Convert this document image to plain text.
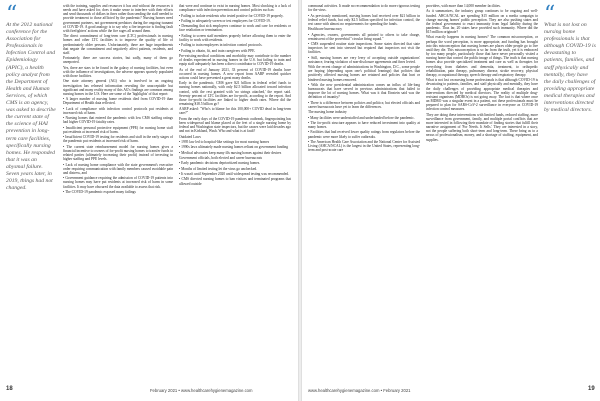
“
At the 2012 national conference for the Association for Professionals in Infection Control and Epidemiology (APIC), a health policy analyst from the Department of Health and Human Services, of which CMS is an agency, was asked to describe the current state of the science of HAI prevention in long-term care facilities, specifically nursing homes. He responded that it was an abysmal failure. Seven years later, in 2019, things had not changed.

with the training, supplies and resources it has and without the resources it needs and have asked for, does it make sense to interfere with their efforts and send thousands of dollars in fines rather than sending the staff needed to provide treatment to those afflicted by the pandemic? Nursing homes need government partners, not government predators during the ongoing tsunami of COVID-19. A good analogy is to say why a fire inspector is finding fault with firefighters' actions while the fire rages all around them.

The direct commitment of long-term care (LTC) professionals in nursing homes and other LTC facilities is to improve the quality of life of predominately older persons. Unfortunately, there are huge impediments that negate the commitment and negatively affect patients, residents, and staff.

Fortunately, there are success stories, but sadly, many of them go unreported.

Yes, there are stars to be found in the galaxy of nursing facilities, but even with the influence of investigations, the adverse appears sparsely populated with those facilities.

One state attorney general (AG) who is involved in an ongoing investigation has released information revealing the unacceptable but significant and many reality many of this AG's findings are common among nursing homes in the U.S. Here are some of the 'highlights' of that report:

• A larger number of nursing home residents died from COVID-19 than Department of Health data reflected.

• Lack of compliance with infection control protocols put residents at increased risk of harm.

• Nursing homes that entered the pandemic with low CMS staffing ratings had higher COVID-19 fatality rates.

• Insufficient personal protective equipment (PPE) for nursing home staff put residents at increased risk of harm.

• Insufficient COVID-19 testing for residents and staff in the early stages of the pandemic put residents at increased risk of harm.

• The current state reimbursement model for nursing homes gives a financial incentive to owners of for-profit nursing homes to transfer funds to related parties (ultimately increasing their profit) instead of investing in higher staffing and PPE levels.

• Lack of nursing home compliance with the state government's executive order requiring communication with family members caused avoidable pain and distress, and

• Government guidance requiring the admission of COVID-19 patients into nursing homes may have put residents at increased risk of harm in some facilities. It may have obscured the data available to assess that risk.

• The COVID-19 pandemic exposed many failings

that were and continue to exist in nursing homes. Most shocking is a lack of compliance with infection prevention and control policies such as:

• Failing to isolate residents who tested positive for COVID-19 properly.

• Failing to adequately screen or test employees for COVID-19.

• Demanding that sick employees continue to work and care for residents or face retaliation or termination.

• Failing to screen staff members properly before allowing them to enter the facility to work with residents.

• Failing to train employees in infection control protocols.

• Failing to obtain, fit, and train caregivers with PPE.

Pre-existing medical conditions and morbidity may contribute to the number of deaths experienced in nursing homes in the U.S. but failing to train and equip staff adequately has been a direct contributor to COVID-19 deaths.

As of the end of January 2021, 33 percent of COVID-19 deaths have occurred in nursing homes. A new report from AARP revealed quicker actions could have prevented a great many deaths.

Early in the pandemic, CMS gave $21 billion in federal relief funds to nursing homes nationally, with only $2.5 billion allocated toward infection control, with the rest granted with 'no strings attached,' the report said. Seventy percent of LTC facilities are for-profit, according to the report. And those for-profit facilities are linked to higher death rates. Where did the remaining $18.5 billion go?

AARP asked: "Who's to blame for this 100,000+ COVID dead in long-term care?"

From the early days of the COVID-19 pandemic outbreak, fingerpointing has been widespread and blame placed at the feet of a single nursing home by federal and Washington state inspectors, but the causes were laid decades ago and not in Kirkland, Wash. Who and what is at fault?

Outdated Laws

• 1995 law led to hospital-like settings for most nursing homes

• 1990s laws ultimately made nursing homes reliant on government funding

• Medical advocates keep many ills nursing homes against their desires

Government officials, both elected and career bureaucrats

• Early pandemic decisions deprioritized nursing homes.

• Months of limited testing let the virus go unchecked.

• It wasn't until September 2020 until widespread testing was recommended.

• CMS directed nursing homes to ban visitors and terminated programs that allowed outside

18	February 2021 • www.healthcarehygienemagazine.com

communal activities. It made no recommendation to do more rigorous testing for the virus.

• As previously mentioned, nursing homes had received over $21 billion in federal relief funds, but only $2.5 billion specified for infection control, the rest came with almost no requirements for spending the funds.

Healthcare bureaucracy

• Agencies, owners, governments all pointed to others to take charge, reminiscent of the proverbial "circular firing squad."

• CMS suspended routine state inspections. Some states directed that state inspectors be sent into stressed but required that inspectors not visit the facilities.

• Still, nursing homes are very leery of accepting outside organizations' assistance, fearing violation of non-disclosure agreements and fines levied.

With the recent change of administrations in Washington, D.C., some people are hoping (depending upon one's political leanings) that policies that positively affected nursing homes are retained and policies that hurt or hindered nursing homes removed.

• With the new presidential administration comes an influx of life-long bureaucrats that have served in previous administrations that failed to improve the lot of nursing homes. What was it that Einstein said was the definition of insanity?

• There is a difference between policies and politics; but elected officials and career bureaucrats have yet to learn the differences.

The nursing home industry

• Many facilities were understaffed and underfunded before the pandemic.

• The for-profit structure appears to have reduced investment into quality at many homes.

• Facilities that had received lower quality ratings from regulators before the pandemic were more likely to suffer outbreaks.

• The American Health Care Association and the National Center for Assisted Living (AHCA/NCAL) is the largest in the United States, representing long-term and post-acute care

providers, with more than 14,000 member facilities.

As it summarizes, the industry group continues to be ongoing and well-funded. AHCA/NCAL are spending $15 million on a media campaign to change nursing homes' public perception. They are also pushing states and the federal government to enact immunity from legal liability during the pandemic. Thus far, 20 states have provided such immunity. Where did the $15 million originate?

What exactly happens in nursing homes? The common misconception, or perhaps the word perception, is more appropriate, and funding has brought into this misconception that nursing homes are places older people go to live until they die. This misconception is so far from the truth, yet it is embraced by too many people, particularly those that have never personally visited a nursing home that control the public image of things. The truth is that nursing homes also provide specialized treatment and care as well as therapies for everything from diabetes and dementia, treatment, to orthopedic rehabilitation, pain therapy, pulmonary disease, stroke recovery, physical therapy, occupational therapy, speech therapy and respiratory therapy.

What is not lost on nursing home professionals is that although COVID-19 is devastating to patients, families, and staff physically and mentally, they have the daily challenges of providing appropriate medical therapies and interventions directed by medical directors. The reality of multiple drug-resistant organisms (MDROs) is not going away. The fact is that where once an MDRO was a singular event in a patient, not these professionals must be prepared to plan for SARS-CoV-2 surveillance in everyone as COVID-19 infection control measures.

They are doing these interventions with limited funds, reduced staffing, more surveillance from government, family, and multiple portal conflicts that are more interested in following their mandate of finding stories that fulfill their narrative assignment of 'For Needs. It Sells.' They are interested in a story, not the people suffering both short-term and long-term. These bring us to a nexus of professionalism, money, and a shortage of staffing, equipment, and supplies.

“
What is not lost on nursing home professionals is that although COVID-19 is devastating to patients, families, and staff physically and mentally, they have the daily challenges of providing appropriate medical therapies and interventions directed by medical directors.
www.healthcarehygienemagazine.com • February 2021	19
